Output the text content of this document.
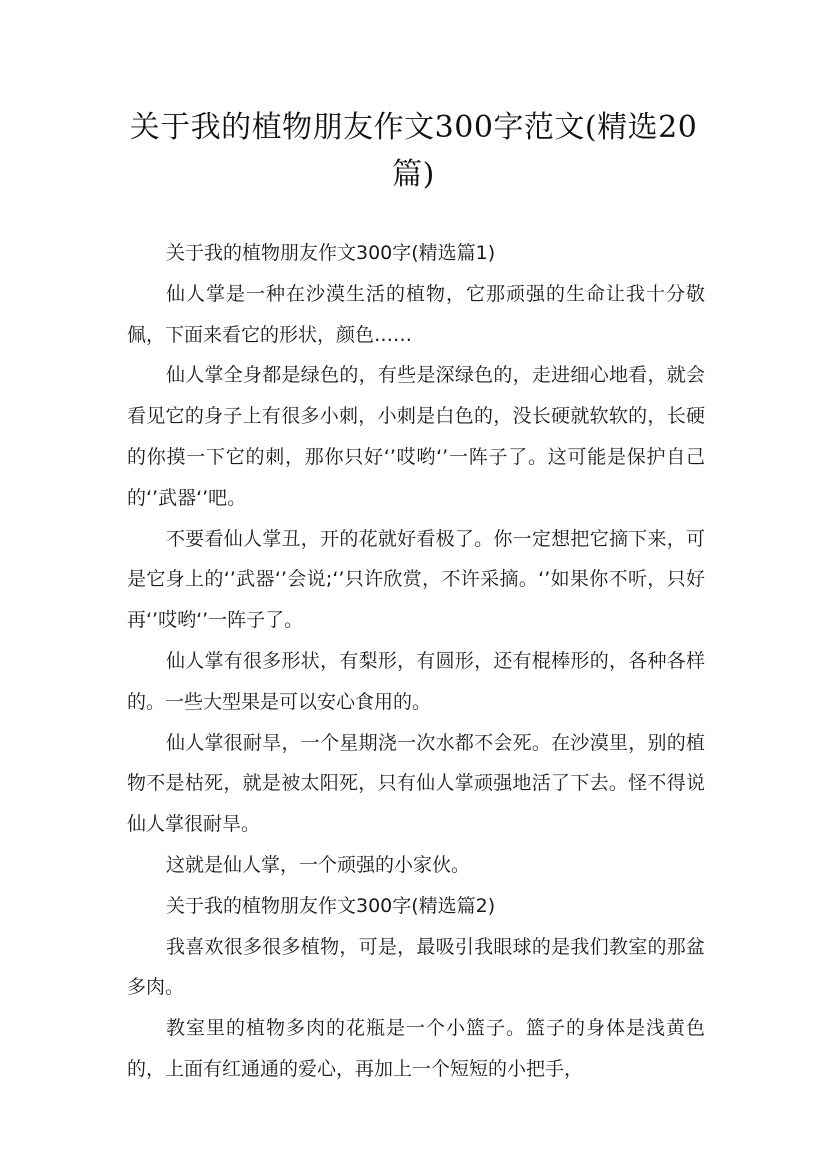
关于我的植物朋友作文300字范文(精选20篇)

关于我的植物朋友作文300字(精选篇1)

仙人掌是一种在沙漠生活的植物，它那顽强的生命让我十分敬佩，下面来看它的形状，颜色……

仙人掌全身都是绿色的，有些是深绿色的，走进细心地看，就会看见它的身子上有很多小刺，小刺是白色的，没长硬就软软的，长硬的你摸一下它的刺，那你只好‘’哎哟‘’一阵子了。这可能是保护自己的‘’武器‘’吧。

不要看仙人掌丑，开的花就好看极了。你一定想把它摘下来，可是它身上的‘’武器‘’会说;‘’只许欣赏，不许采摘。‘’如果你不听，只好再‘’哎哟‘’一阵子了。

仙人掌有很多形状，有梨形，有圆形，还有棍棒形的，各种各样的。一些大型果是可以安心食用的。

仙人掌很耐旱，一个星期浇一次水都不会死。在沙漠里，别的植物不是枯死，就是被太阳死，只有仙人掌顽强地活了下去。怪不得说仙人掌很耐旱。

这就是仙人掌，一个顽强的小家伙。

关于我的植物朋友作文300字(精选篇2)

我喜欢很多很多植物，可是，最吸引我眼球的是我们教室的那盆多肉。

教室里的植物多肉的花瓶是一个小篮子。篮子的身体是浅黄色的，上面有红通通的爱心，再加上一个短短的小把手，
